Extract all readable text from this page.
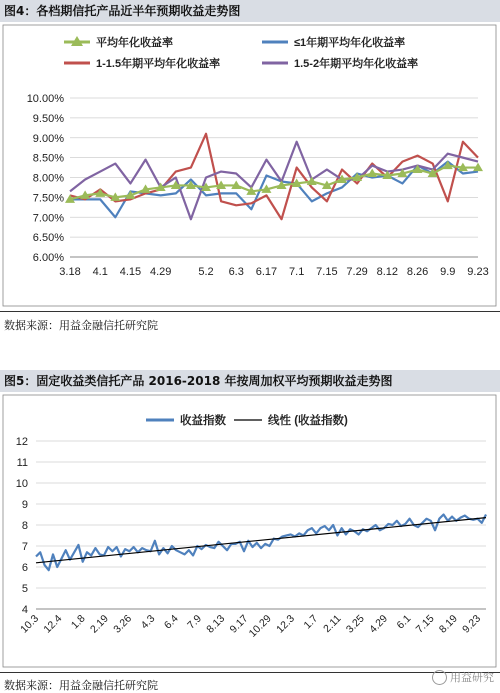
图4：各档期信托产品近半年预期收益走势图
6.00%
6.50%
7.00%
7.50%
8.00%
8.50%
9.00%
9.50%
10.00%
3.18 4.1 4.15 4.29 5.2 6.3 6.17 7.1 7.15 7.29 8.12 8.26 9.9 9.23
平均年化收益率	≤1年期平均年化收益率
1-1.5年期平均年化收益率	1.5-2年期平均年化收益率
数据来源：用益金融信托研究院
图5：固定收益类信托产品 2016-2018 年按周加权平均预期收益走势图
4
5
6
7
8
9
10
11
12
10.3 12.4 1.8 2.19 3.26 4.3 6.4 7.9 8.13 9.17
10.29 12.3 1.7 2.11 3.25 4.29 6.1 7.15 8.19 9.23
收益指数	线性 (收益指数)
数据来源：用益金融信托研究院
用益研究
